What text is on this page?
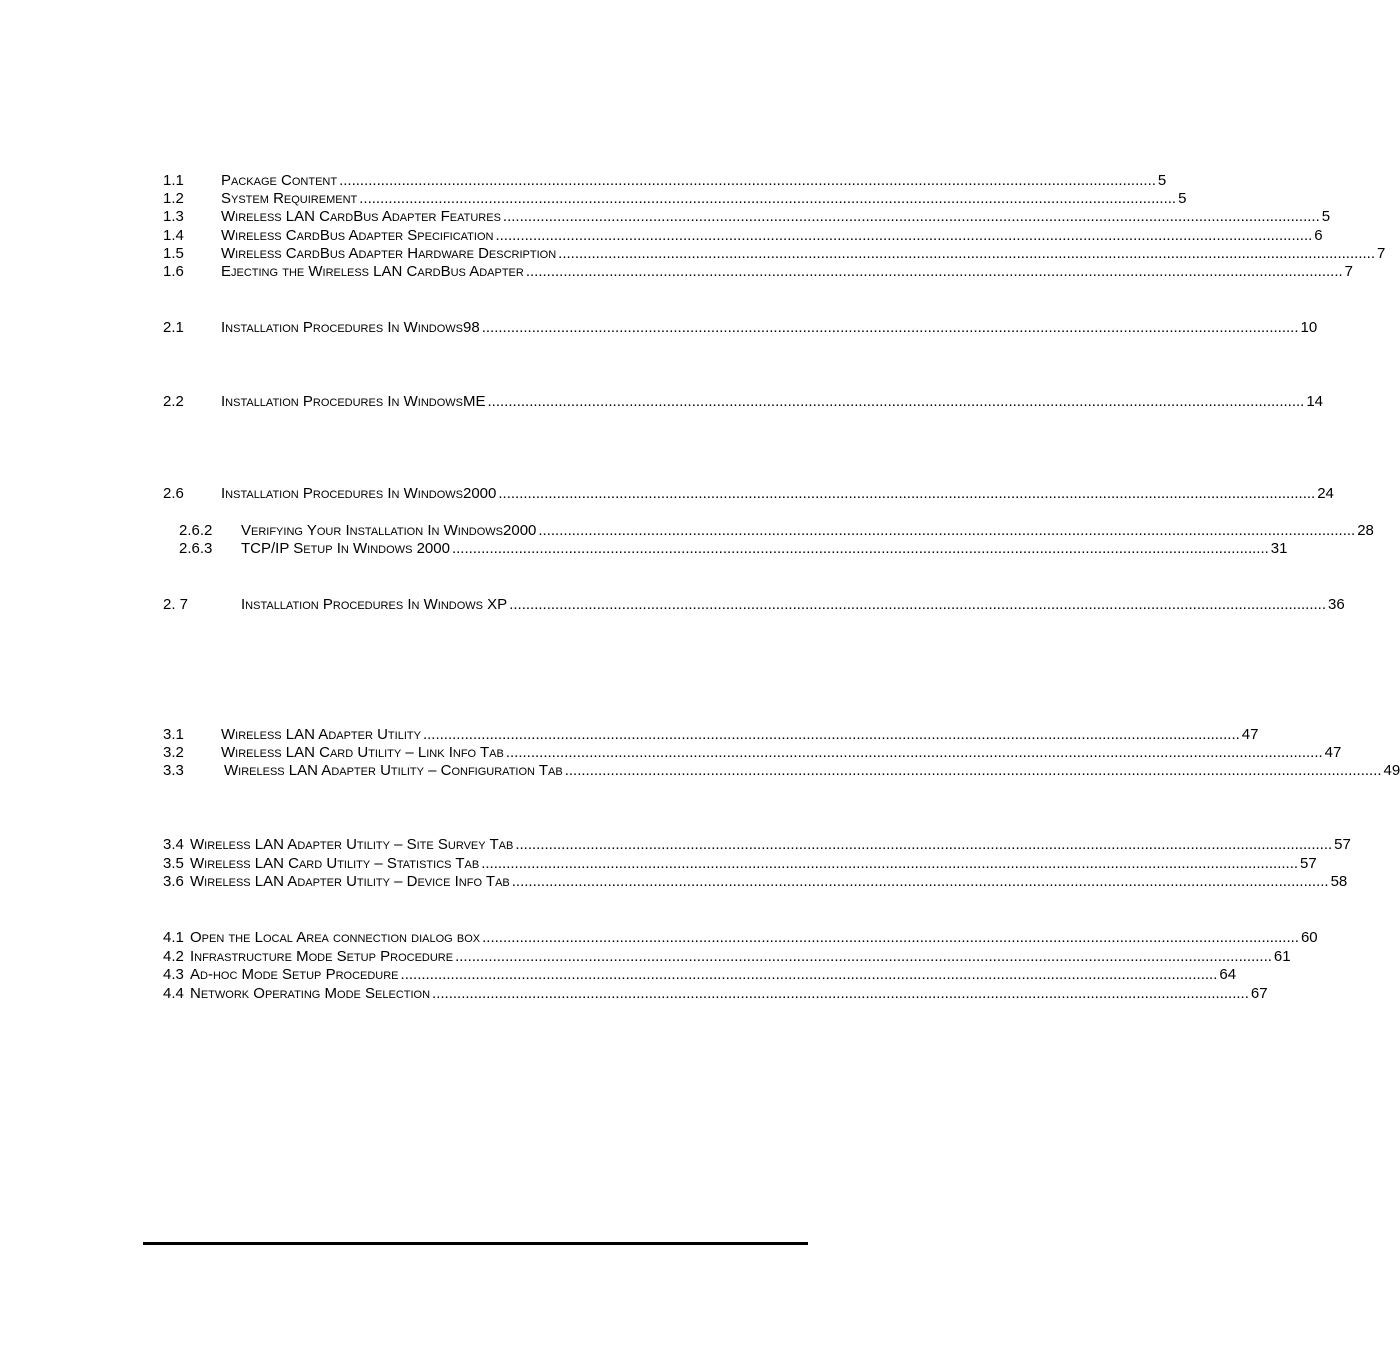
1.1 Package Content .................................................................................................................................................................................................... 5
1.2 System Requirement .................................................................................................................................................................................................... 5
1.3 Wireless LAN CardBus Adapter Features .................................................................................................................................................................................................... 5
1.4 Wireless CardBus Adapter Specification .................................................................................................................................................................................................... 6
1.5 Wireless CardBus Adapter Hardware Description .................................................................................................................................................................................................... 7
1.6 Ejecting the Wireless LAN CardBus Adapter .................................................................................................................................................................................................... 7
2.1 Installation Procedures In Windows98 .................................................................................................................................................................................................... 10
2.2 Installation Procedures In WindowsME .................................................................................................................................................................................................... 14
2.6 Installation Procedures In Windows2000 .................................................................................................................................................................................................... 24
2.6.2 Verifying Your Installation In Windows2000 .................................................................................................................................................................................................... 28
2.6.3 TCP/IP Setup In Windows 2000 .................................................................................................................................................................................................... 31
2. 7	Installation Procedures In Windows XP .................................................................................................................................................................................................... 36
3.1 Wireless LAN Adapter Utility .................................................................................................................................................................................................... 47
3.2 Wireless LAN Card Utility – Link Info Tab .................................................................................................................................................................................................... 47
3.3	Wireless LAN Adapter Utility – Configuration Tab .................................................................................................................................................................................................... 49
3.4 Wireless LAN Adapter Utility – Site Survey Tab .................................................................................................................................................................................................... 57
3.5 Wireless LAN Card Utility – Statistics Tab .................................................................................................................................................................................................... 57
3.6 Wireless LAN Adapter Utility – Device Info Tab .................................................................................................................................................................................................... 58
4.1 Open the Local Area connection dialog box .................................................................................................................................................................................................... 60
4.2 Infrastructure Mode Setup Procedure .................................................................................................................................................................................................... 61
4.3 Ad-hoc Mode Setup Procedure .................................................................................................................................................................................................... 64
4.4 Network Operating Mode Selection .................................................................................................................................................................................................... 67
